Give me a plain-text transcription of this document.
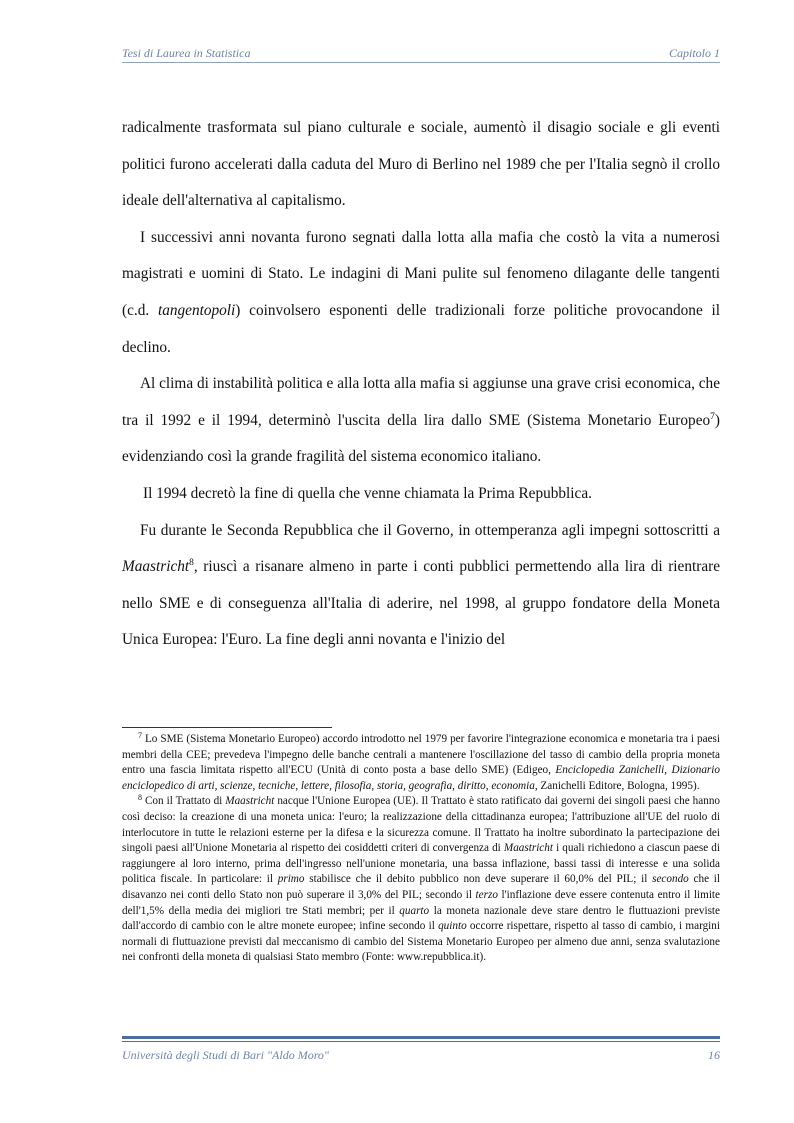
Tesi di Laurea in Statistica	Capitolo 1

radicalmente trasformata sul piano culturale e sociale, aumentò il disagio sociale e gli eventi politici furono accelerati dalla caduta del Muro di Berlino nel 1989 che per l'Italia segnò il crollo ideale dell'alternativa al capitalismo.

I successivi anni novanta furono segnati dalla lotta alla mafia che costò la vita a numerosi magistrati e uomini di Stato. Le indagini di Mani pulite sul fenomeno dilagante delle tangenti (c.d. tangentopoli) coinvolsero esponenti delle tradizionali forze politiche provocandone il declino.

Al clima di instabilità politica e alla lotta alla mafia si aggiunse una grave crisi economica, che tra il 1992 e il 1994, determinò l'uscita della lira dallo SME (Sistema Monetario Europeo$^7$) evidenziando così la grande fragilità del sistema economico italiano.

Il 1994 decretò la fine di quella che venne chiamata la Prima Repubblica.

Fu durante le Seconda Repubblica che il Governo, in ottemperanza agli impegni sottoscritti a Maastricht$^8$, riuscì a risanare almeno in parte i conti pubblici permettendo alla lira di rientrare nello SME e di conseguenza all'Italia di aderire, nel 1998, al gruppo fondatore della Moneta Unica Europea: l'Euro. La fine degli anni novanta e l'inizio del

$^7$ Lo SME (Sistema Monetario Europeo) accordo introdotto nel 1979 per favorire l'integrazione economica e monetaria tra i paesi membri della CEE; prevedeva l'impegno delle banche centrali a mantenere l'oscillazione del tasso di cambio della propria moneta entro una fascia limitata rispetto all'ECU (Unità di conto posta a base dello SME) (Edigeo, Enciclopedia Zanichelli, Dizionario enciclopedico di arti, scienze, tecniche, lettere, filosofia, storia, geografia, diritto, economia, Zanichelli Editore, Bologna, 1995).

$^8$ Con il Trattato di Maastricht nacque l'Unione Europea (UE). Il Trattato è stato ratificato dai governi dei singoli paesi che hanno così deciso: la creazione di una moneta unica: l'euro; la realizzazione della cittadinanza europea; l'attribuzione all'UE del ruolo di interlocutore in tutte le relazioni esterne per la difesa e la sicurezza comune. Il Trattato ha inoltre subordinato la partecipazione dei singoli paesi all'Unione Monetaria al rispetto dei cosiddetti criteri di convergenza di Maastricht i quali richiedono a ciascun paese di raggiungere al loro interno, prima dell'ingresso nell'unione monetaria, una bassa inflazione, bassi tassi di interesse e una solida politica fiscale. In particolare: il primo stabilisce che il debito pubblico non deve superare il 60,0% del PIL; il secondo che il disavanzo nei conti dello Stato non può superare il 3,0% del PIL; secondo il terzo l'inflazione deve essere contenuta entro il limite dell'1,5% della media dei migliori tre Stati membri; per il quarto la moneta nazionale deve stare dentro le fluttuazioni previste dall'accordo di cambio con le altre monete europee; infine secondo il quinto occorre rispettare, rispetto al tasso di cambio, i margini normali di fluttuazione previsti dal meccanismo di cambio del Sistema Monetario Europeo per almeno due anni, senza svalutazione nei confronti della moneta di qualsiasi Stato membro (Fonte: www.repubblica.it).

Università degli Studi di Bari "Aldo Moro"	16
